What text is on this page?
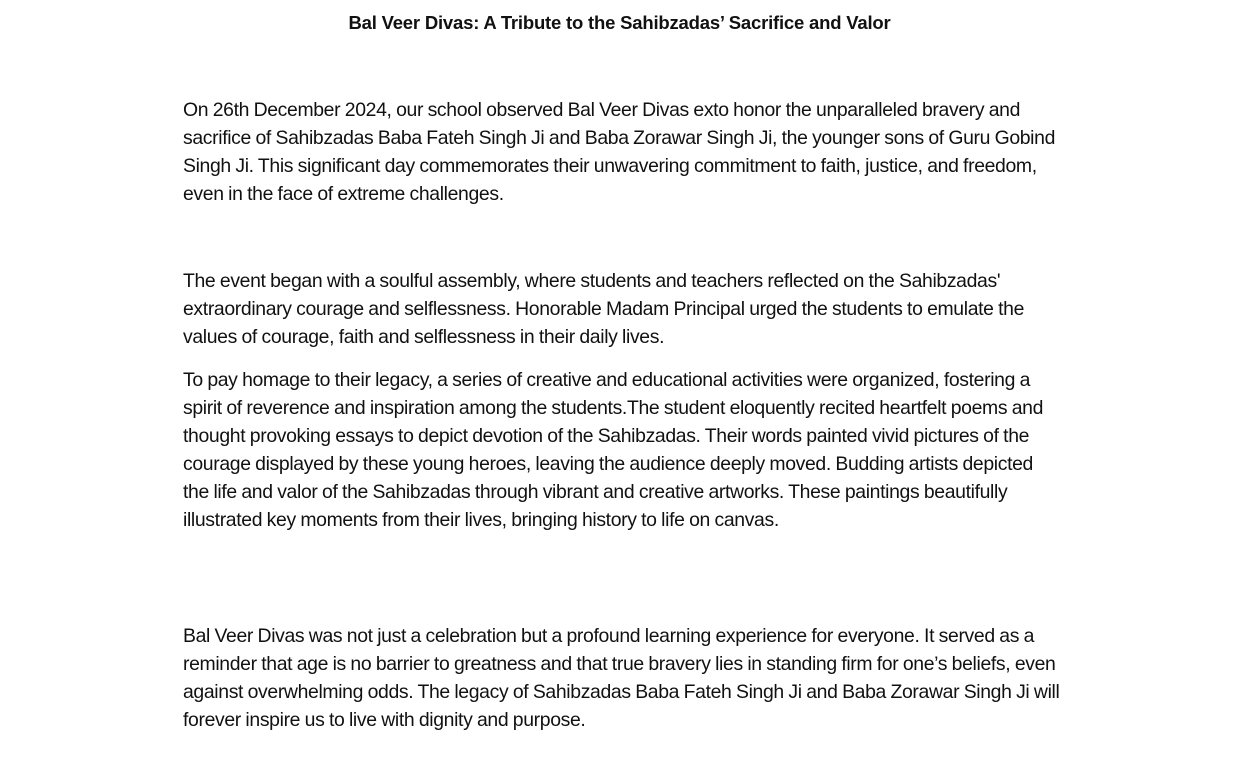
Bal Veer Divas: A Tribute to the Sahibzadas’ Sacrifice and Valor

On 26th December 2024, our school observed Bal Veer Divas exto honor the unparalleled bravery and sacrifice of Sahibzadas Baba Fateh Singh Ji and Baba Zorawar Singh Ji, the younger sons of Guru Gobind Singh Ji. This significant day commemorates their unwavering commitment to faith, justice, and freedom, even in the face of extreme challenges.

The event began with a soulful assembly, where students and teachers reflected on the Sahibzadas' extraordinary courage and selflessness. Honorable Madam Principal urged the students to emulate the values of courage, faith and selflessness in their daily lives.

To pay homage to their legacy, a series of creative and educational activities were organized, fostering a spirit of reverence and inspiration among the students.The student eloquently recited heartfelt poems and thought provoking essays to depict devotion of the Sahibzadas. Their words painted vivid pictures of the courage displayed by these young heroes, leaving the audience deeply moved. Budding artists depicted the life and valor of the Sahibzadas through vibrant and creative artworks. These paintings beautifully illustrated key moments from their lives, bringing history to life on canvas.

Bal Veer Divas was not just a celebration but a profound learning experience for everyone. It served as a reminder that age is no barrier to greatness and that true bravery lies in standing firm for one’s beliefs, even against overwhelming odds. The legacy of Sahibzadas Baba Fateh Singh Ji and Baba Zorawar Singh Ji will forever inspire us to live with dignity and purpose.
